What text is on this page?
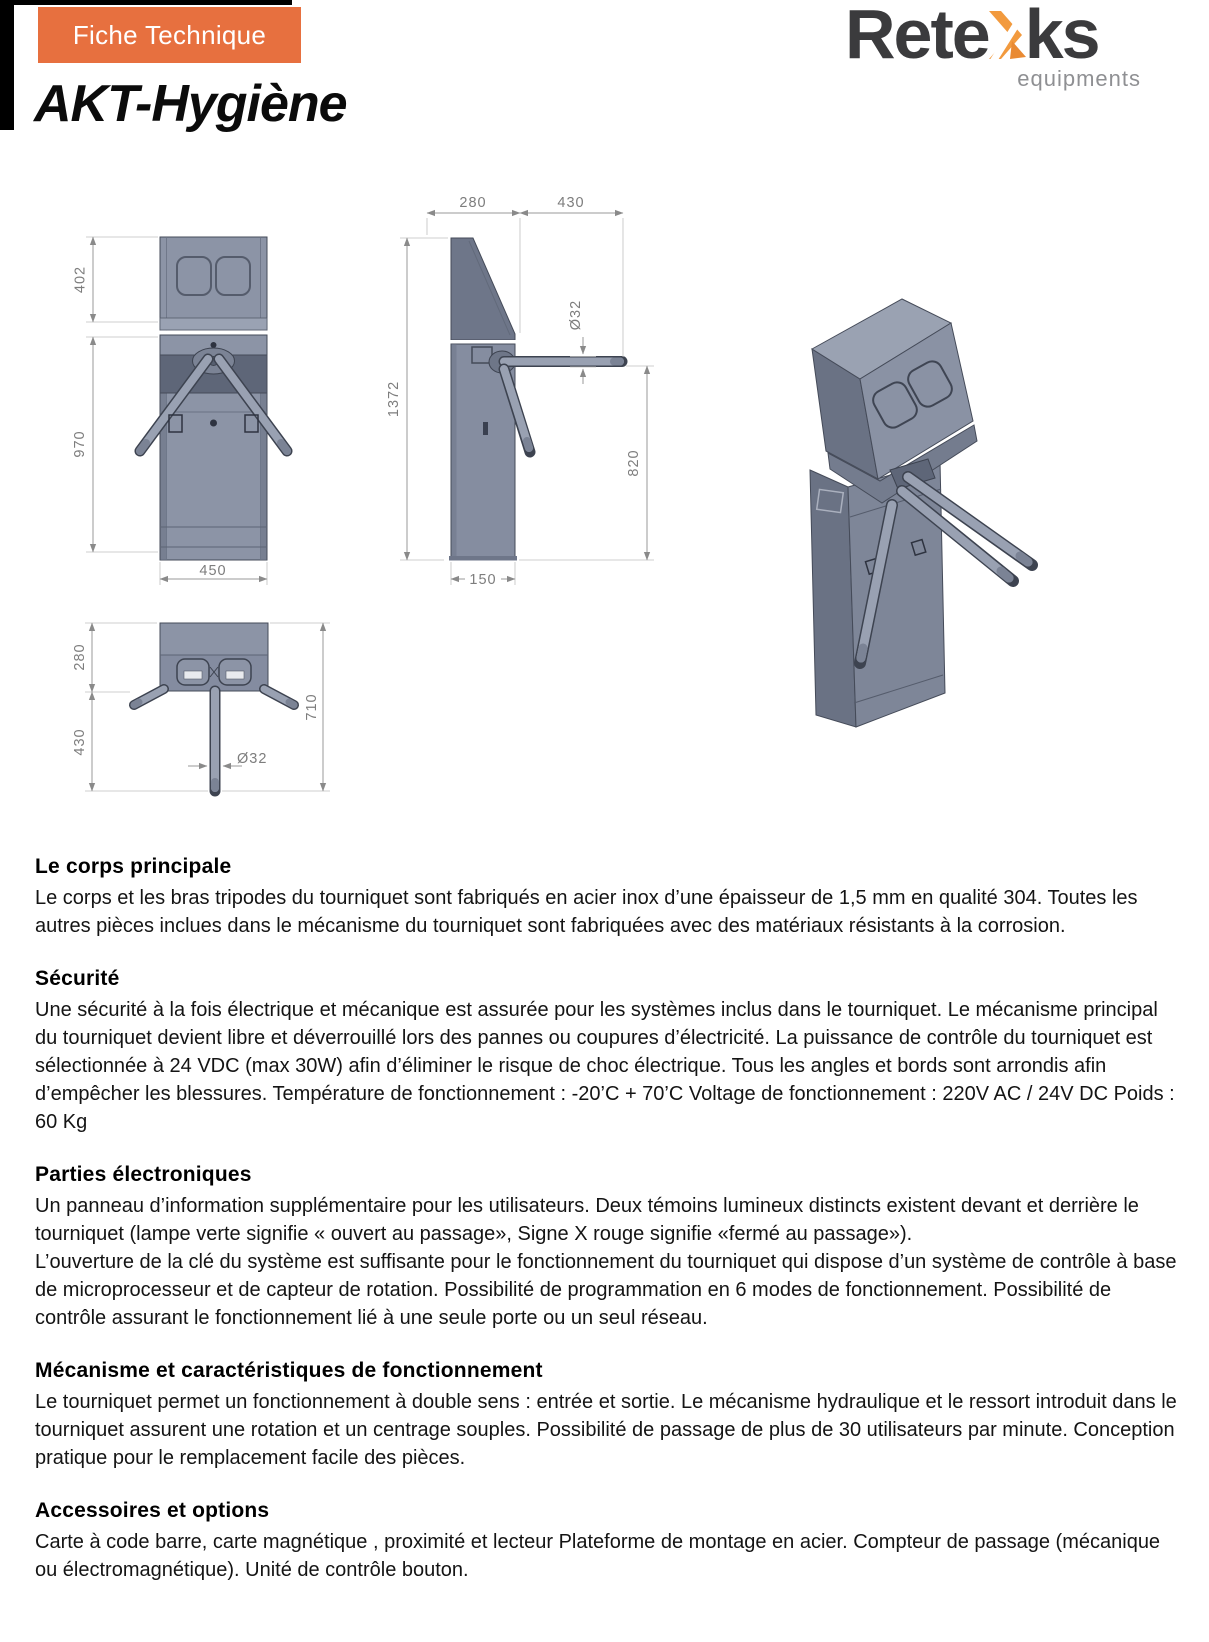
Fiche Technique
AKT-Hygiène
Rete ks
equipments
402
970
450
280	430
1372
Ø32
820
150
280
430
710
Ø32
Le corps principale

Le corps et les bras tripodes du tourniquet sont fabriqués en acier inox d’une épaisseur de 1,5 mm en qualité 304. Toutes les autres pièces inclues dans le mécanisme du tourniquet sont fabriquées avec des matériaux résistants à la corrosion.

Sécurité

Une sécurité à la fois électrique et mécanique est assurée pour les systèmes inclus dans le tourniquet. Le mécanisme principal du tourniquet devient libre et déverrouillé lors des pannes ou coupures d’électricité. La puissance de contrôle du tourniquet est sélectionnée à 24 VDC (max 30W) afin d’éliminer le risque de choc électrique. Tous les angles et bords sont arrondis afin d’empêcher les blessures. Température de fonctionnement : -20’C + 70’C Voltage de fonctionnement : 220V AC / 24V DC Poids : 60 Kg

Parties électroniques

Un panneau d’information supplémentaire pour les utilisateurs. Deux témoins lumineux distincts existent devant et derrière le tourniquet (lampe verte signifie « ouvert au passage», Signe X rouge signifie «fermé au passage»).

L’ouverture de la clé du système est suffisante pour le fonctionnement du tourniquet qui dispose d’un système de contrôle à base de microprocesseur et de capteur de rotation. Possibilité de programmation en 6 modes de fonctionnement. Possibilité de contrôle assurant le fonctionnement lié à une seule porte ou un seul réseau.

Mécanisme et caractéristiques de fonctionnement

Le tourniquet permet un fonctionnement à double sens : entrée et sortie. Le mécanisme hydraulique et le ressort introduit dans le tourniquet assurent une rotation et un centrage souples. Possibilité de passage de plus de 30 utilisateurs par minute. Conception pratique pour le remplacement facile des pièces.

Accessoires et options

Carte à code barre, carte magnétique , proximité et lecteur Plateforme de montage en acier. Compteur de passage (mécanique ou électromagnétique). Unité de contrôle bouton.
